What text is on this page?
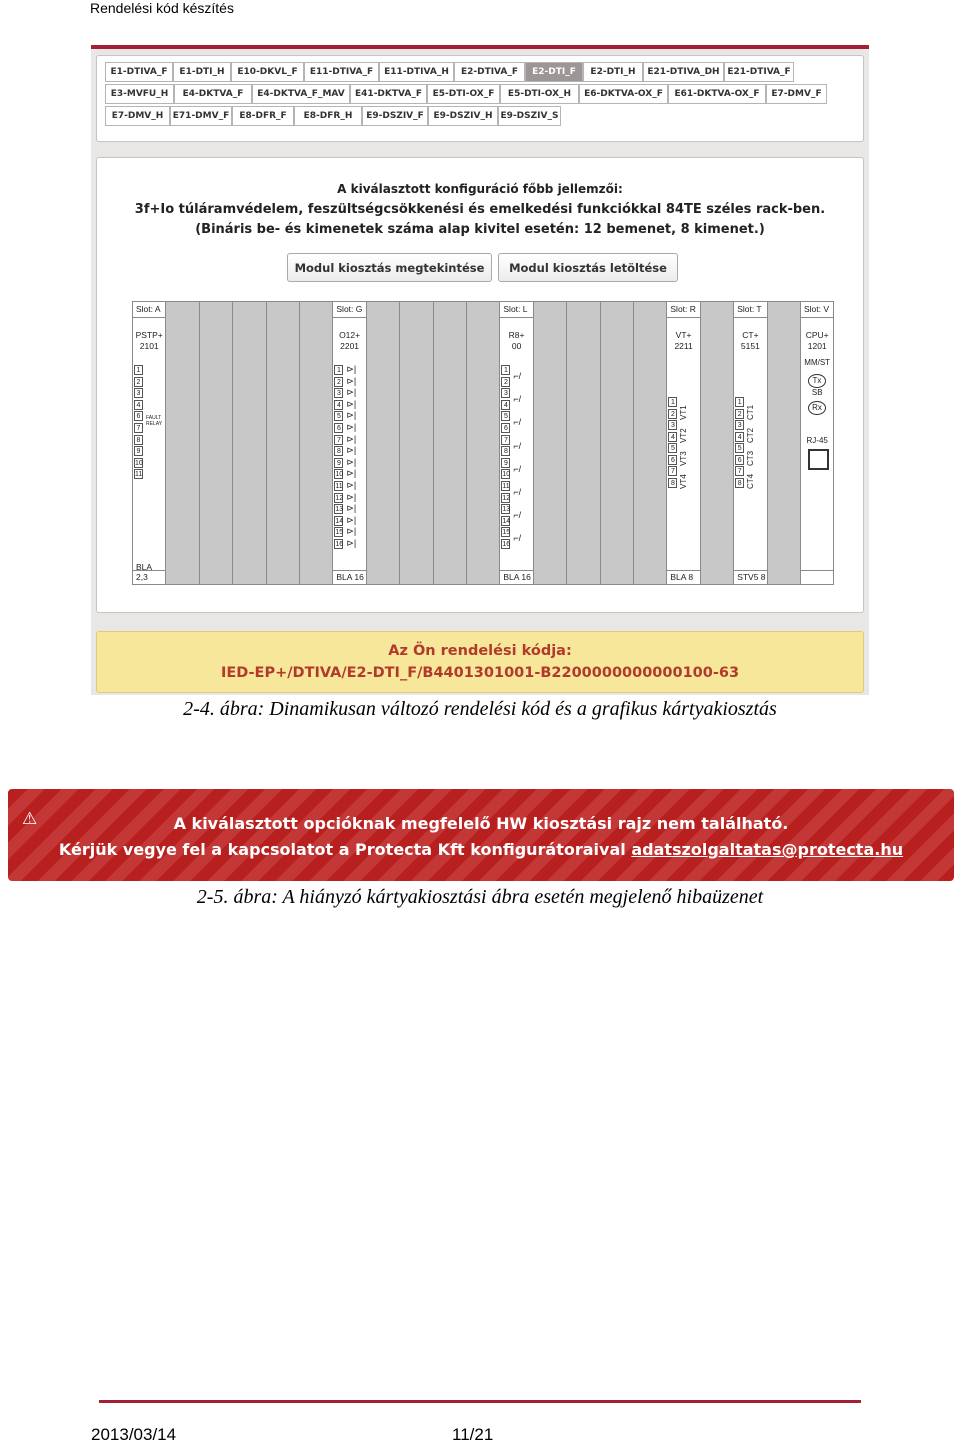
Rendelési kód készítés
E1-DTIVA_F	E1-DTI_H	E10-DKVL_F	E11-DTIVA_F	E11-DTIVA_H	E2-DTIVA_F	E2-DTI_F	E2-DTI_H	E21-DTIVA_DH E21-DTIVA_F
E3-MVFU_H	E4-DKTVA_F	E4-DKTVA_F_MAV	E41-DKTVA_F	E5-DTI-OX_F	E5-DTI-OX_H	E6-DKTVA-OX_F	E61-DKTVA-OX_F	E7-DMV_F
E7-DMV_H	E71-DMV_F	E8-DFR_F	E8-DFR_H	E9-DSZIV_F	E9-DSZIV_H E9-DSZIV_S
A kiválasztott konfiguráció főbb jellemzői:
3f+Io túláramvédelem, feszültségcsökkenési és emelkedési funkciókkal 84TE széles rack-ben.
(Bináris be- és kimenetek száma alap kivitel esetén: 12 bemenet, 8 kimenet.)
Modul kiosztás megtekintése	Modul kiosztás letöltése
Slot: A
PSTP+
2101
BLA 2,3
1
2
3
4
6
7
8
9
10
11
FAULT
RELAY
Slot: G
O12+
2201
BLA 16
1
2
3
4
5
6
7
8
9
10
11
12
13
14
15
16
⊳|
⊳|
⊳|
⊳|
⊳|
⊳|
⊳|
⊳|
⊳|
⊳|
⊳|
⊳|
⊳|
⊳|
⊳|
⊳|
Slot: L
R8+
00
BLA 16
1
2
3
4
5
6
7
8
9
10
11
12
13
14
15
16
⌐/
⌐/
⌐/
⌐/
⌐/
⌐/
⌐/
⌐/
Slot: R
VT+
2211
BLA 8
1
2
3
4
5
6
7
8
VT1
VT2
VT3
VT4
Slot: T
CT+
5151
STV5 8
1
2
3
4
5
6
7
8
CT1
CT2
CT3
CT4
Slot: V
CPU+
1201
MM/ST
Tx
SB
Rx
RJ-45
Az Ön rendelési kódja:
IED-EP+/DTIVA/E2-DTI_F/B4401301001-B2200000000000100-63
2-4. ábra: Dinamikusan változó rendelési kód és a grafikus kártyakiosztás
⚠	A kiválasztott opcióknak megfelelő HW kiosztási rajz nem található.
Kérjük vegye fel a kapcsolatot a Protecta Kft konfigurátoraival adatszolgaltatas@protecta.hu
2-5. ábra: A hiányzó kártyakiosztási ábra esetén megjelenő hibaüzenet
2013/03/14	11/21
